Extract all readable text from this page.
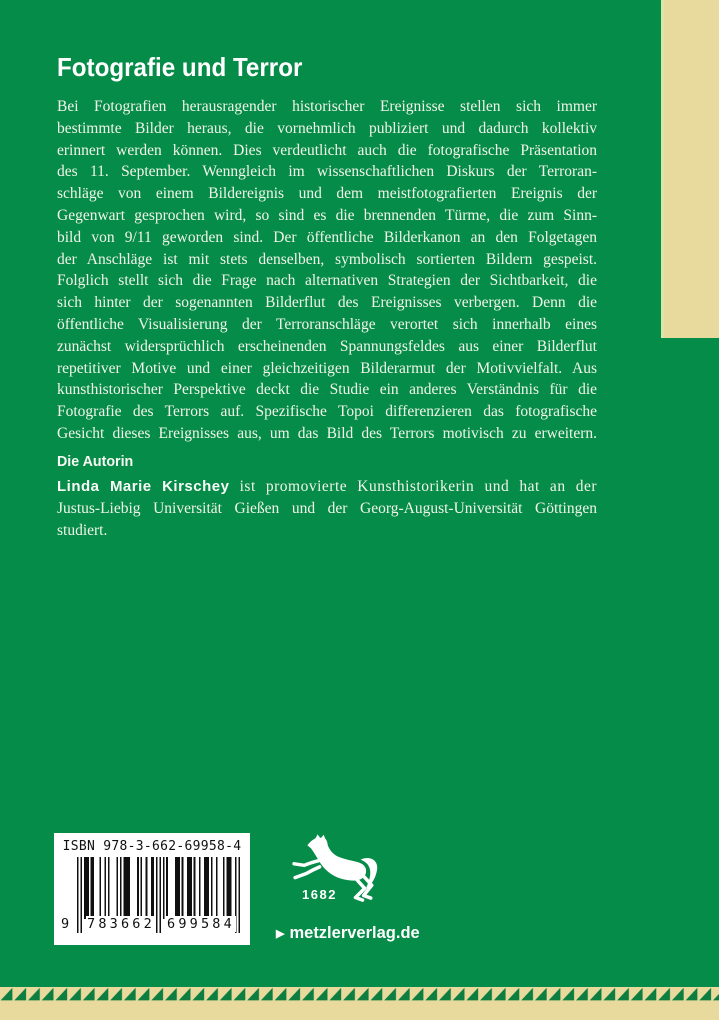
Fotografie und Terror
Bei Fotografien herausragender historischer Ereignisse stellen sich immer
bestimmte Bilder heraus, die vornehmlich publiziert und dadurch kollektiv
erinnert werden können. Dies verdeutlicht auch die fotografische Präsentation
des 11. September. Wenngleich im wissenschaftlichen Diskurs der Terroran-
schläge von einem Bildereignis und dem meistfotografierten Ereignis der
Gegenwart gesprochen wird, so sind es die brennenden Türme, die zum Sinn-
bild von 9/11 geworden sind. Der öffentliche Bilderkanon an den Folgetagen
der Anschläge ist mit stets denselben, symbolisch sortierten Bildern gespeist.
Folglich stellt sich die Frage nach alternativen Strategien der Sichtbarkeit, die
sich hinter der sogenannten Bilderflut des Ereignisses verbergen. Denn die
öffentliche Visualisierung der Terroranschläge verortet sich innerhalb eines
zunächst widersprüchlich erscheinenden Spannungsfeldes aus einer Bilderflut
repetitiver Motive und einer gleichzeitigen Bilderarmut der Motivvielfalt. Aus
kunsthistorischer Perspektive deckt die Studie ein anderes Verständnis für die
Fotografie des Terrors auf. Spezifische Topoi differenzieren das fotografische
Gesicht dieses Ereignisses aus, um das Bild des Terrors motivisch zu erweitern.
Die Autorin
Linda Marie Kirschey ist promovierte Kunsthistorikerin und hat an der
Justus-Liebig Universität Gießen und der Georg-August-Universität Göttingen
studiert.
ISBN 978-3-662-69958-4
9 783662 699584
1682
▶ metzlerverlag.de
